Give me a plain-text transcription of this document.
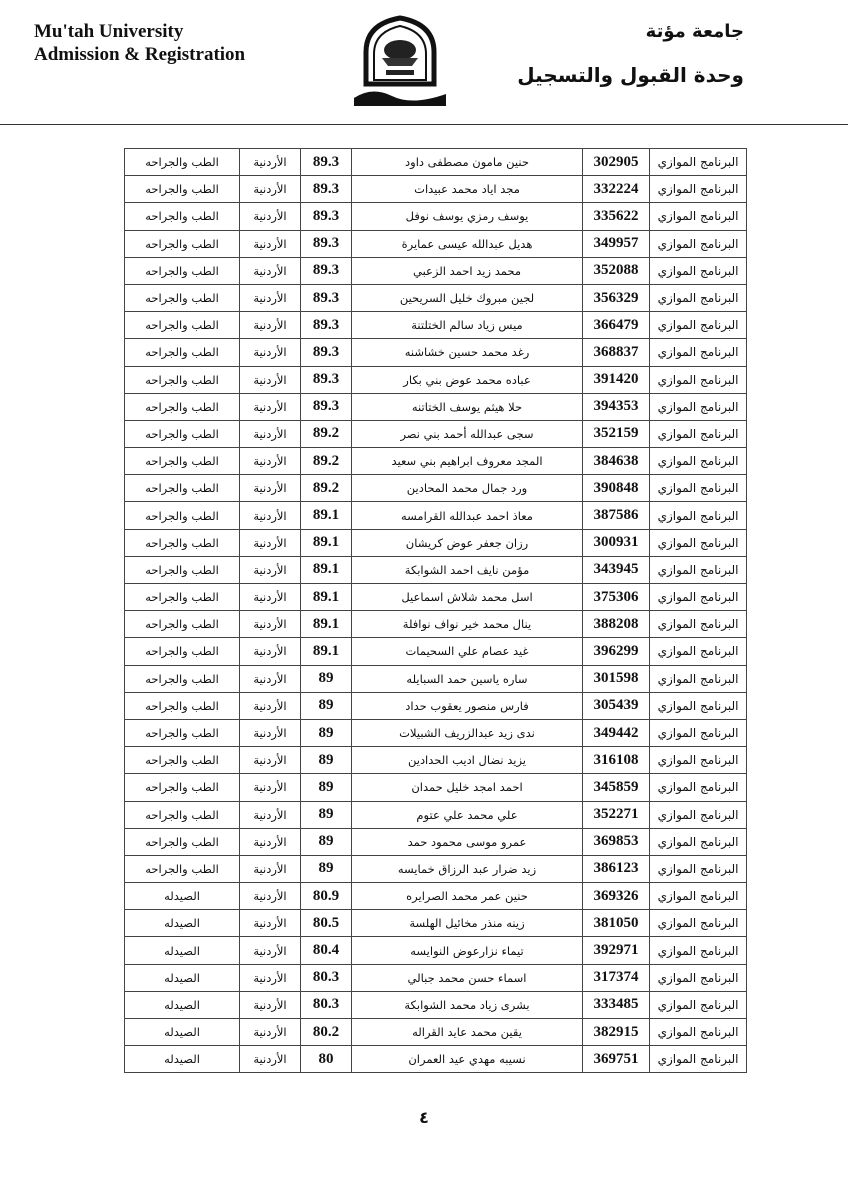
Mu'tah University
Admission & Registration
جامعة مؤتة
وحدة القبول والتسجيل
البرنامج الموازي	302905	حنين مامون مصطفى داود	89.3	الأردنية	الطب والجراحه
البرنامج الموازي	332224	مجد اياد محمد عبيدات	89.3	الأردنية	الطب والجراحه
البرنامج الموازي	335622	يوسف رمزي يوسف نوفل	89.3	الأردنية	الطب والجراحه
البرنامج الموازي	349957	هديل عبدالله عيسى عمايرة	89.3	الأردنية	الطب والجراحه
البرنامج الموازي	352088	محمد زيد احمد الزعبي	89.3	الأردنية	الطب والجراحه
البرنامج الموازي	356329	لجين مبروك خليل السريحين	89.3	الأردنية	الطب والجراحه
البرنامج الموازي	366479	ميس زياد سالم الختلتنة	89.3	الأردنية	الطب والجراحه
البرنامج الموازي	368837	رغد محمد حسين خشاشنه	89.3	الأردنية	الطب والجراحه
البرنامج الموازي	391420	عباده محمد عوض بني بكار	89.3	الأردنية	الطب والجراحه
البرنامج الموازي	394353	حلا هيثم يوسف الختاتنه	89.3	الأردنية	الطب والجراحه
البرنامج الموازي	352159	سجى عبدالله أحمد بني نصر	89.2	الأردنية	الطب والجراحه
البرنامج الموازي	384638	المجد معروف ابراهيم بني سعيد	89.2	الأردنية	الطب والجراحه
البرنامج الموازي	390848	ورد جمال محمد المحادين	89.2	الأردنية	الطب والجراحه
البرنامج الموازي	387586	معاذ احمد عبدالله القرامسه	89.1	الأردنية	الطب والجراحه
البرنامج الموازي	300931	رزان جعفر عوض كريشان	89.1	الأردنية	الطب والجراحه
البرنامج الموازي	343945	مؤمن نايف احمد الشوابكة	89.1	الأردنية	الطب والجراحه
البرنامج الموازي	375306	اسل محمد شلاش اسماعيل	89.1	الأردنية	الطب والجراحه
البرنامج الموازي	388208	ينال محمد خير نواف نوافلة	89.1	الأردنية	الطب والجراحه
البرنامج الموازي	396299	غيد عصام علي السحيمات	89.1	الأردنية	الطب والجراحه
البرنامج الموازي	301598	ساره ياسين حمد السبايله	89	الأردنية	الطب والجراحه
البرنامج الموازي	305439	فارس منصور يعقوب حداد	89	الأردنية	الطب والجراحه
البرنامج الموازي	349442	ندى زيد عبدالزريف الشبيلات	89	الأردنية	الطب والجراحه
البرنامج الموازي	316108	يزيد نضال اديب الحدادين	89	الأردنية	الطب والجراحه
البرنامج الموازي	345859	احمد امجد خليل حمدان	89	الأردنية	الطب والجراحه
البرنامج الموازي	352271	علي محمد علي عتوم	89	الأردنية	الطب والجراحه
البرنامج الموازي	369853	عمرو موسى محمود حمد	89	الأردنية	الطب والجراحه
البرنامج الموازي	386123	زيد ضرار عبد الرزاق خمايسه	89	الأردنية	الطب والجراحه
البرنامج الموازي	369326	حنين عمر محمد الصرايره	80.9	الأردنية	الصيدله
البرنامج الموازي	381050	زينه منذر مخائيل الهلسة	80.5	الأردنية	الصيدله
البرنامج الموازي	392971	تيماء نزارعوض النوايسه	80.4	الأردنية	الصيدله
البرنامج الموازي	317374	اسماء حسن محمد جبالي	80.3	الأردنية	الصيدله
البرنامج الموازي	333485	بشرى زياد محمد الشوابكة	80.3	الأردنية	الصيدله
البرنامج الموازي	382915	يقين محمد عايد القراله	80.2	الأردنية	الصيدله
البرنامج الموازي	369751	نسيبه مهدي عيد العمران	80	الأردنية	الصيدله
٤
